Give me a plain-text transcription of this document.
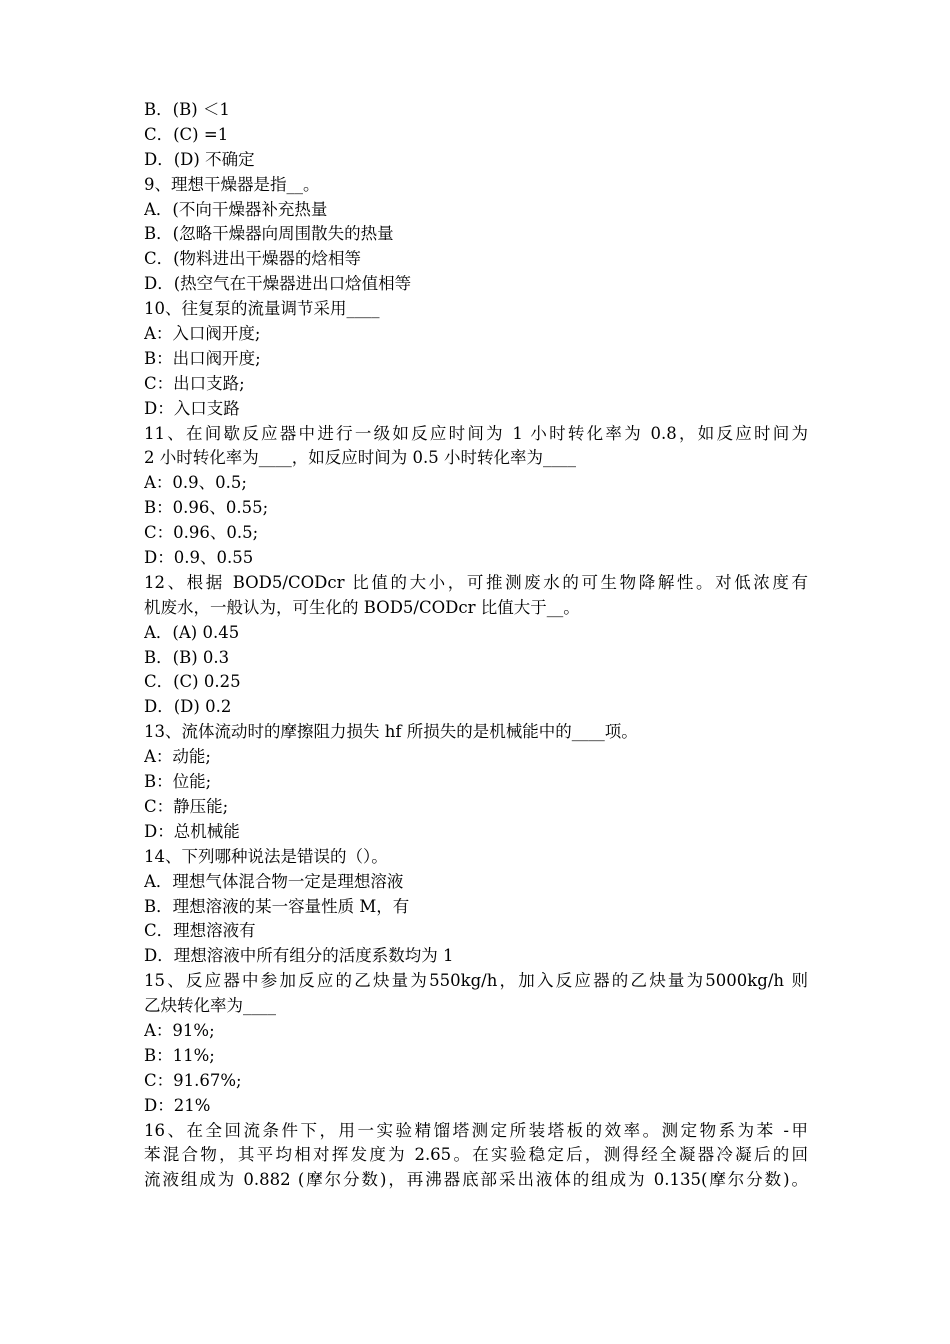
B．(B) ＜1
C．(C) =1
D．(D) 不确定
9、理想干燥器是指__。
A．(不向干燥器补充热量
B．(忽略干燥器向周围散失的热量
C．(物料进出干燥器的焓相等
D．(热空气在干燥器进出口焓值相等
10、往复泵的流量调节采用____
A：入口阀开度;
B：出口阀开度;
C：出口支路;
D：入口支路
11、在间歇反应器中进行一级如反应时间为 1 小时转化率为 0.8，如反应时间为
2 小时转化率为____，如反应时间为 0.5 小时转化率为____
A：0.9、0.5;
B：0.96、0.55;
C：0.96、0.5;
D：0.9、0.55
12、根据 BOD5/CODcr 比值的大小，可推测废水的可生物降解性。对低浓度有
机废水，一般认为，可生化的 BOD5/CODcr 比值大于__。
A．(A) 0.45
B．(B) 0.3
C．(C) 0.25
D．(D) 0.2
13、流体流动时的摩擦阻力损失 hf 所损失的是机械能中的____项。
A：动能;
B：位能;
C：静压能;
D：总机械能
14、下列哪种说法是错误的（）。
A．理想气体混合物一定是理想溶液
B．理想溶液的某一容量性质 M，有
C．理想溶液有
D．理想溶液中所有组分的活度系数均为 1
15、反应器中参加反应的乙炔量为550kg/h，加入反应器的乙炔量为5000kg/h 则
乙炔转化率为____
A：91%;
B：11%;
C：91.67%;
D：21%
16、在全回流条件下，用一实验精馏塔测定所装塔板的效率。测定物系为苯 -甲
苯混合物，其平均相对挥发度为 2.65。在实验稳定后，测得经全凝器冷凝后的回
流液组成为 0.882 (摩尔分数)，再沸器底部采出液体的组成为 0.135(摩尔分数)。
